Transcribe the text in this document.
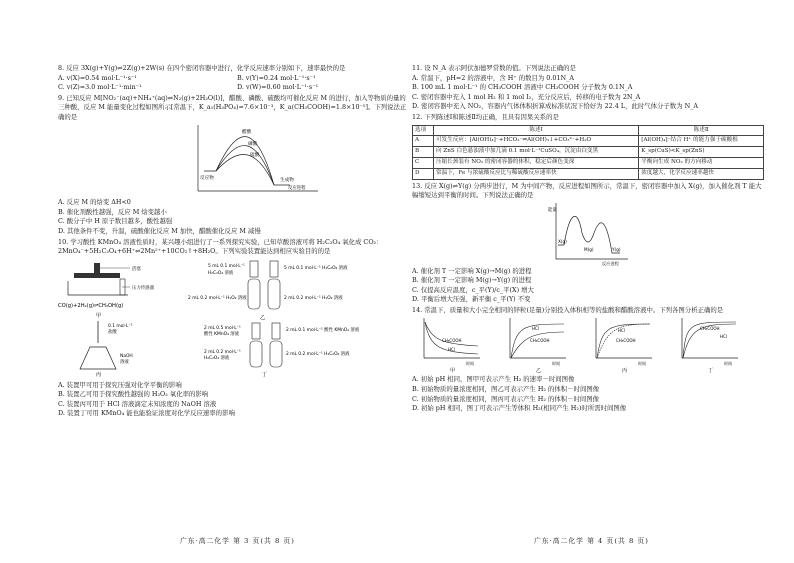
8. 反应 3X(g)+Y(g)⇌2Z(g)+2W(s) 在四个密闭容器中进行，化学反应速率分别如下，速率最快的是
A. v(X)=0.54 mol·L⁻¹·s⁻¹	B. v(Y)=0.24 mol·L⁻¹·s⁻¹
C. v(Z)=3.0 mol·L⁻¹·min⁻¹	D. v(W)=0.60 mol·L⁻¹·s⁻¹
9. 已知反应 M[NO₂⁻(aq)+NH₄⁺(aq)⇌N₂(g)+2H₂O(l)]，醋酸、磷酸、硫酸均可催化反应 M 的进行，加入等物质的量的三种酸，反应 M 能量变化过程如图所示[常温下，K_a₁(H₃PO₄)=7.6×10⁻³，K_a(CH₃COOH)=1.8×10⁻⁵]。下列说法正确的是
醋酸
磷酸
硫酸
反应物	生成物
反应进程
A. 反应 M 的焓变 ΔH<0
B. 催化剂酸性越强，反应 M 焓变越小
C. 酸分子中 H 原子数目越多，酸性越强
D. 其他条件不变，升温，硫酸催化反应 M 加快，醋酸催化反应 M 减慢
10. 学习酸性 KMnO₄ 溶液性质时，某兴趣小组进行了一系列探究实验，已知草酸溶液可将 H₂C₂O₄ 氧化成 CO₂：2MnO₄⁻+5H₂C₂O₄+6H⁺⇌2Mn²⁺+10CO₂↑+8H₂O。下列实验装置能达到相应实验目的的是
活塞
压力传感器
CO(g)+2H₂(g)⇌CH₃OH(g)
甲
5 mL 0.1 mol·L⁻¹
H₂C₂O₄ 溶液
5 mL 0.1 mol·L⁻¹ H₂C₂O₄ 溶液
2 mL 0.2 mol·L⁻¹ H₂O₂ 溶液	2 mL 0.2 mol·L⁻¹ H₂O₂ 溶液
乙
0.1 mol·L⁻¹
盐酸
NaOH
溶液
丙
2 mL 0.5 mol·L⁻¹
酸性 KMnO₄ 溶液
2 mL 0.1 mol·L⁻¹ 酸性 KMnO₄ 溶液
2 mL 0.2 mol·L⁻¹
H₂C₂O₄ 溶液
2 mL 0.2 mol·L⁻¹ H₂C₂O₄ 溶液
丁
A. 装置甲可用于探究压强对化学平衡的影响
B. 装置乙可用于探究酸性越强的 H₂O₂ 氧化率的影响
C. 装置丙可用于 HCl 溶液滴定未知浓度的 NaOH 溶液
D. 装置丁可用 KMnO₄ 能也能验证浓度对化学反应速率的影响
广东·高二化学 第 3 页(共 8 页)
11. 设 N_A 表示阿伏加德罗常数的值。下列说法正确的是
A. 常温下，pH=2 的溶液中，含 H⁺ 的数目为 0.01N_A
B. 100 mL 1 mol·L⁻¹ 的 CH₃COOH 溶液中 CH₃COOH 分子数为 0.1N_A
C. 密闭容器中充入 1 mol H₂ 和 1 mol I₂，充分反应后，转移的电子数为 2N_A
D. 密闭容器中充入 NO₂，容器内气体体积折算成标准状况下恰好为 22.4 L，此时气体分子数为 N_A
12. 下列陈述Ⅰ和陈述Ⅱ均正确，且具有因果关系的是
选项	陈述Ⅰ	陈述Ⅱ
A	可发生反应：[Al(OH)₄]⁻+HCO₃⁻⇌Al(OH)₃↓+CO₃²⁻+H₂O	[Al(OH)₄]⁻结合 H⁺ 的能力强于碳酸根
B	向 ZnS 白色悬浊液中加几滴 0.1 mol·L⁻¹CuSO₄，沉淀由白变黑	K_sp(CuS)<K_sp(ZnS)
C	压缩长颈装有 NO₂ 的密闭容器的体积，稳定后颜色变深	平衡向生成 NO₂ 的方向移动
D	常温下，Fe 与浓硫酸反应比与稀硫酸反应速率快	浓度越大，化学反应速率越快
13. 反应 X(g)⇌Y(g) 分两步进行，M 为中间产物，反应进程如图所示，常温下，密闭容器中加入 X(g)，加入催化剂 T 能大幅缩短达到平衡的时间。下列说法正确的是
能量
X(g)
M(g)	Y(g)
反应进程
A. 催化剂 T 一定影响 X(g)→M(g) 的进程
B. 催化剂 T 一定影响 M(g)→Y(g) 的进程
C. 仅提高反应温度，c_平(Y)/c_平(X) 增大
D. 平衡后增大压强，新平衡 c_平(Y) 不变
14. 常温下，质量和大小完全相同的锌粒(足量)分别投入体积相等的盐酸和醋酸溶液中。下列各图分析正确的是
CH₃COOH
HCl
时间
甲
HCl
CH₃COOH
时间
乙
HCl
CH₃COOH
时间
丙
CH₃COOH
HCl
时间
丁
A. 初始 pH 相同，图甲可表示产生 H₂ 的速率－时间图像
B. 初始物质的量浓度相同，图乙可表示产生 H₂ 的体积－时间图像
C. 初始物质的量浓度相同，图丙可表示产生 H₂ 的体积－时间图像
D. 初始 pH 相同，图丁可表示产生等体积 H₂(相同产生 H₂)时所需时间图像
广东·高二化学 第 4 页(共 8 页)
